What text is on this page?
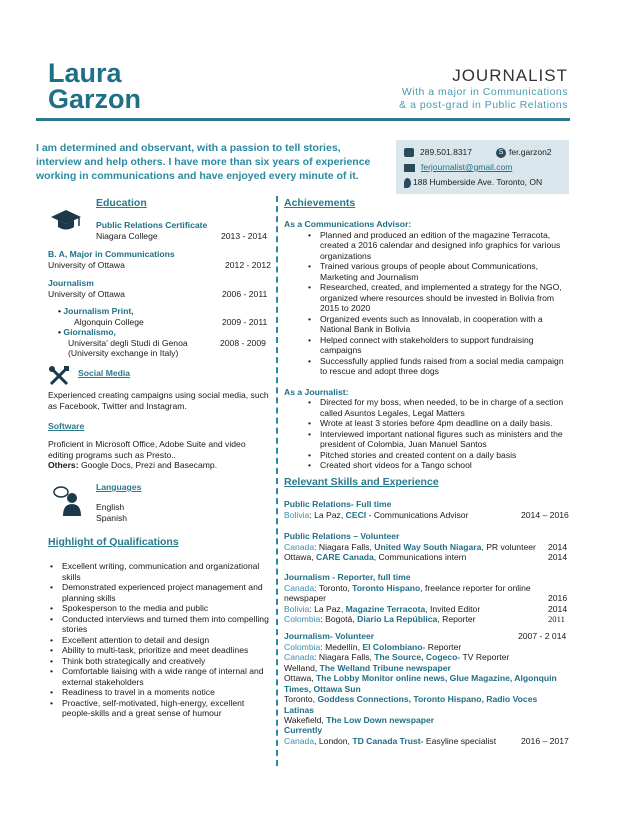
Laura
Garzon
JOURNALIST
With a major in Communications
& a post-grad in Public Relations
I am determined and observant, with a passion to tell stories, interview and help others. I have more than six years of experience working in communications and have enjoyed every minute of it.
289.501.8317	S fer.garzon2
ferjournalist@gmail.com
188 Humberside Ave. Toronto, ON
Education
Public Relations Certificate
Niagara College	2013 - 2014
B. A, Major in Communications
University of Ottawa	2012 - 2012
Journalism
University of Ottawa	2006 - 2011
• Journalism Print,
Algonquin College	2009 - 2011
• Giornalismo,
Universita' degli Studi di Genoa
(University exchange in Italy)
2008 - 2009
Social Media
Experienced creating campaigns using social media, such as Facebook, Twitter and Instagram.
Software
Proficient in Microsoft Office, Adobe Suite and video editing programs such as Presto..
Others: Google Docs, Prezi and Basecamp.
Languages
English
Spanish
Highlight of Qualifications
• Excellent writing, communication and organizational skills
• Demonstrated experienced project management and planning skills
• Spokesperson to the media and public
• Conducted interviews and turned them into compelling stories
• Excellent attention to detail and design
• Ability to multi-task, prioritize and meet deadlines
• Think both strategically and creatively
• Comfortable liaising with a wide range of internal and external stakeholders
• Readiness to travel in a moments notice
• Proactive, self-motivated, high-energy, excellent people-skills and a great sense of humour
Achievements
As a Communications Advisor:
• Planned and produced an edition of the magazine Terracota, created a 2016 calendar and designed info graphics for various organizations
• Trained various groups of people about Communications, Marketing and Journalism
• Researched, created, and implemented a strategy for the NGO, organized where resources should be invested in Bolivia from 2015 to 2020
• Organized events such as Innovalab, in cooperation with a National Bank in Bolivia
• Helped connect with stakeholders to support fundraising campaigns
• Successfully applied funds raised from a social media campaign to rescue and adopt three dogs
As a Journalist:
• Directed for my boss, when needed, to be in charge of a section called Asuntos Legales, Legal Matters
• Wrote at least 3 stories before 4pm deadline on a daily basis.
• Interviewed important national figures such as ministers and the president of Colombia, Juan Manuel Santos
• Pitched stories and created content on a daily basis
• Created short videos for a Tango school
Relevant Skills and Experience
Public Relations- Full time
Bolivia: La Paz, CECI - Communications Advisor	2014 – 2016
Public Relations – Volunteer
Canada: Niagara Falls, United Way South Niagara, PR volunteer 2014
Ottawa, CARE Canada, Communications intern	2014
Journalism - Reporter, full time
Canada: Toronto, Toronto Hispano, freelance reporter for online
newspaper	2016
Bolivia: La Paz, Magazine Terracota, Invited Editor	2014
Colombia: Bogotá, Diario La República, Reporter	2011
Journalism- Volunteer	2007 - 2 014
Colombia: Medellín, El Colombiano- Reporter
Canada: Niagara Falls, The Source, Cogeco- TV Reporter
Welland, The Welland Tribune newspaper
Ottawa, The Lobby Monitor online news, Glue Magazine, Algonquin
Times, Ottawa Sun
Toronto, Goddess Connections, Toronto Hispano, Radio Voces Latinas
Wakefield, The Low Down newspaper
Currently
Canada, London, TD Canada Trust- Easyline specialist	2016 – 2017
